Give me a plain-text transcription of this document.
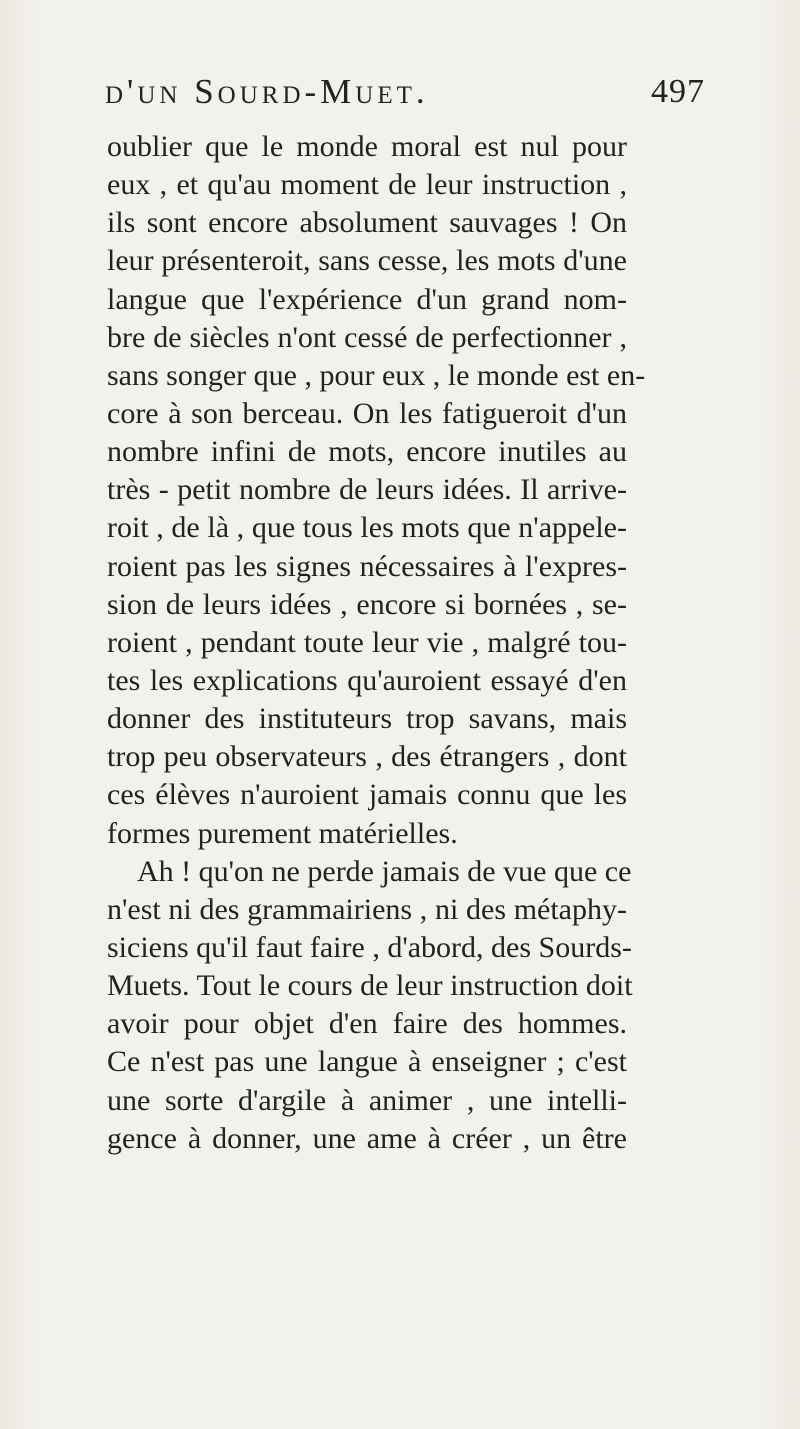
d'un Sourd-Muet.	497
oublier que le monde moral est nul pour
eux , et qu'au moment de leur instruction ,
ils sont encore absolument sauvages ! On
leur présenteroit, sans cesse, les mots d'une
langue que l'expérience d'un grand nom-
bre de siècles n'ont cessé de perfectionner ,
sans songer que , pour eux , le monde est en-
core à son berceau. On les fatigueroit d'un
nombre infini de mots, encore inutiles au
très - petit nombre de leurs idées. Il arrive-
roit , de là , que tous les mots que n'appele-
roient pas les signes nécessaires à l'expres-
sion de leurs idées , encore si bornées , se-
roient , pendant toute leur vie , malgré tou-
tes les explications qu'auroient essayé d'en
donner des instituteurs trop savans, mais
trop peu observateurs , des étrangers , dont
ces élèves n'auroient jamais connu que les
formes purement matérielles.
Ah ! qu'on ne perde jamais de vue que ce
n'est ni des grammairiens , ni des métaphy-
siciens qu'il faut faire , d'abord, des Sourds-
Muets. Tout le cours de leur instruction doit
avoir pour objet d'en faire des hommes.
Ce n'est pas une langue à enseigner ; c'est
une sorte d'argile à animer , une intelli-
gence à donner, une ame à créer , un être
